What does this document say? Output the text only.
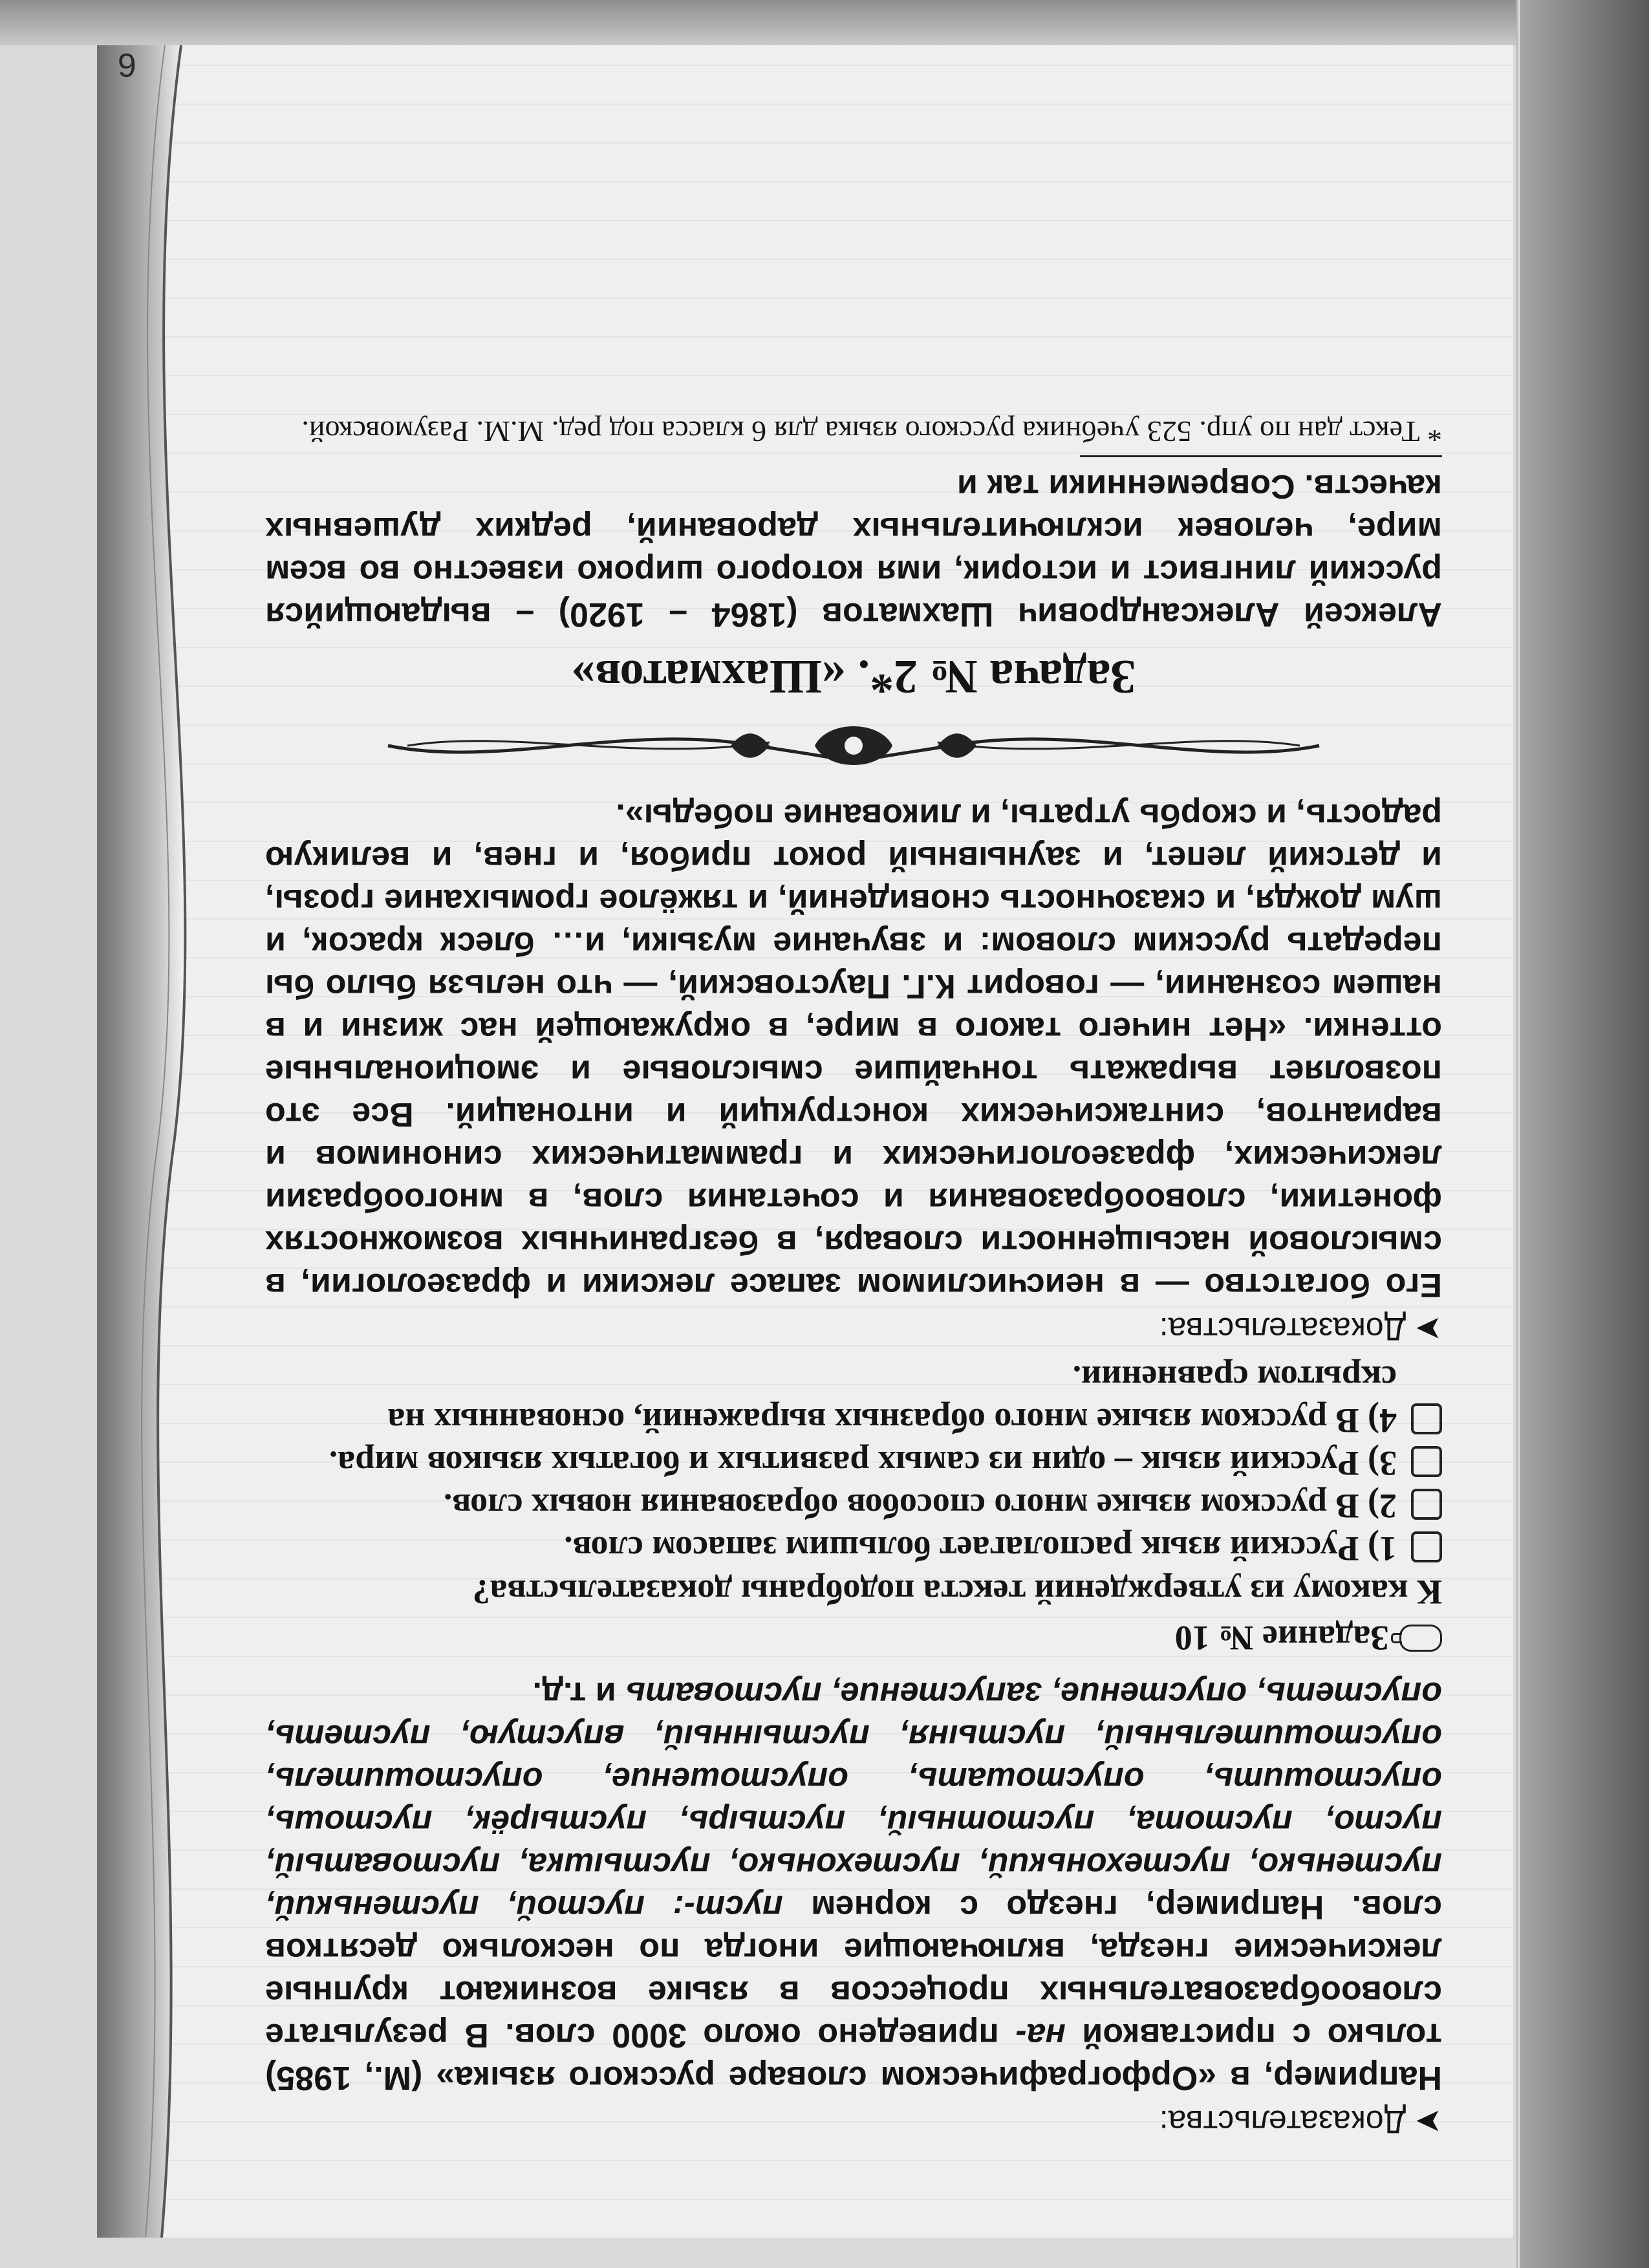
➤
Доказательства:

Например, в «Орфографическом словаре русского языка» (М., 1985) только с приставкой на- приведено около 3000 слов. В результате словообразовательных процессов в языке возникают крупные лексические гнезда, включающие иногда по несколько десятков слов. Например, гнездо с корнем пуст-: пустой, пустенький, пустенько, пустехонький, пустехонько, пустышка, пустоватый, пусто, пустота, пустотный, пустырь, пустырёк, пустошь, опустошить, опустошать, опустошение, опустошитель, опустошительный, пустыня, пустынный, впустую, пустеть, опустеть, опустение, запустение, пустовать и т.д.

Задание № 10

К какому из утверждений текста подобраны доказательства?

1) Русский язык располагает большим запасом слов.
2) В русском языке много способов образования новых слов.
3) Русский язык – один из самых развитых и богатых языков мира.
4) В русском языке много образных выражений, основанных на скрытом сравнении.
➤
Доказательства:

Его богатство — в неисчислимом запасе лексики и фразеологии, в смысловой насыщенности словаря, в безграничных возможностях фонетики, словообразования и сочетания слов, в многообразии лексических, фразеологических и грамматических синонимов и вариантов, синтаксических конструкций и интонаций. Все это позволяет выражать тончайшие смысловые и эмоциональные оттенки. «Нет ничего такого в мире, в окружающей нас жизни и в нашем сознании, — говорит К.Г. Паустовский, — что нельзя было бы передать русским словом: и звучание музыки, и… блеск красок, и шум дождя, и сказочность сновидений, и тяжёлое громыхание грозы, и детский лепет, и заунывный рокот прибоя, и гнев, и великую радость, и скорбь утраты, и ликование победы».

Задача № 2*. «Шахматов»

Алексей Александрович Шахматов (1864 – 1920) – выдающийся русский лингвист и историк, имя которого широко известно во всем мире, человек исключительных дарований, редких душевных качеств. Современники так и

* Текст дан по упр. 523 учебника русского языка для 6 класса под ред. М.М. Разумовской.

6
